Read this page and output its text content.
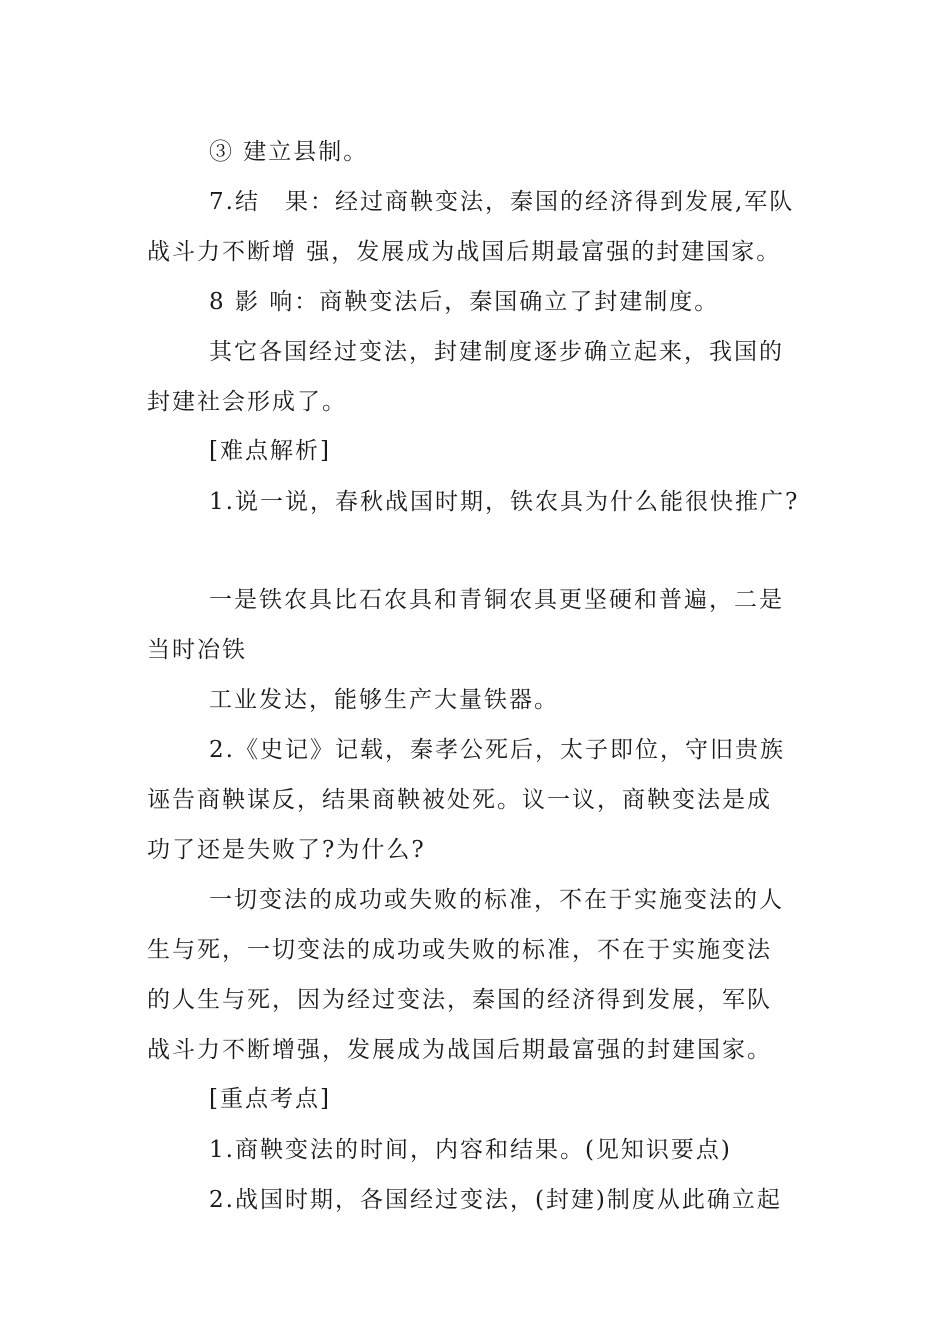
③ 建立县制。
7.结　果：经过商鞅变法，秦国的经济得到发展,军队
战斗力不断增 强，发展成为战国后期最富强的封建国家。
8 影 响：商鞅变法后，秦国确立了封建制度。
其它各国经过变法，封建制度逐步确立起来，我国的
封建社会形成了。
[难点解析]
1.说一说，春秋战国时期，铁农具为什么能很快推广?
一是铁农具比石农具和青铜农具更坚硬和普遍，二是
当时冶铁
工业发达，能够生产大量铁器。
2.《史记》记载，秦孝公死后，太子即位，守旧贵族
诬告商鞅谋反，结果商鞅被处死。议一议，商鞅变法是成
功了还是失败了?为什么?
一切变法的成功或失败的标准，不在于实施变法的人
生与死，一切变法的成功或失败的标准，不在于实施变法
的人生与死，因为经过变法，秦国的经济得到发展，军队
战斗力不断增强，发展成为战国后期最富强的封建国家。
[重点考点]
1.商鞅变法的时间，内容和结果。(见知识要点)
2.战国时期，各国经过变法，(封建)制度从此确立起
